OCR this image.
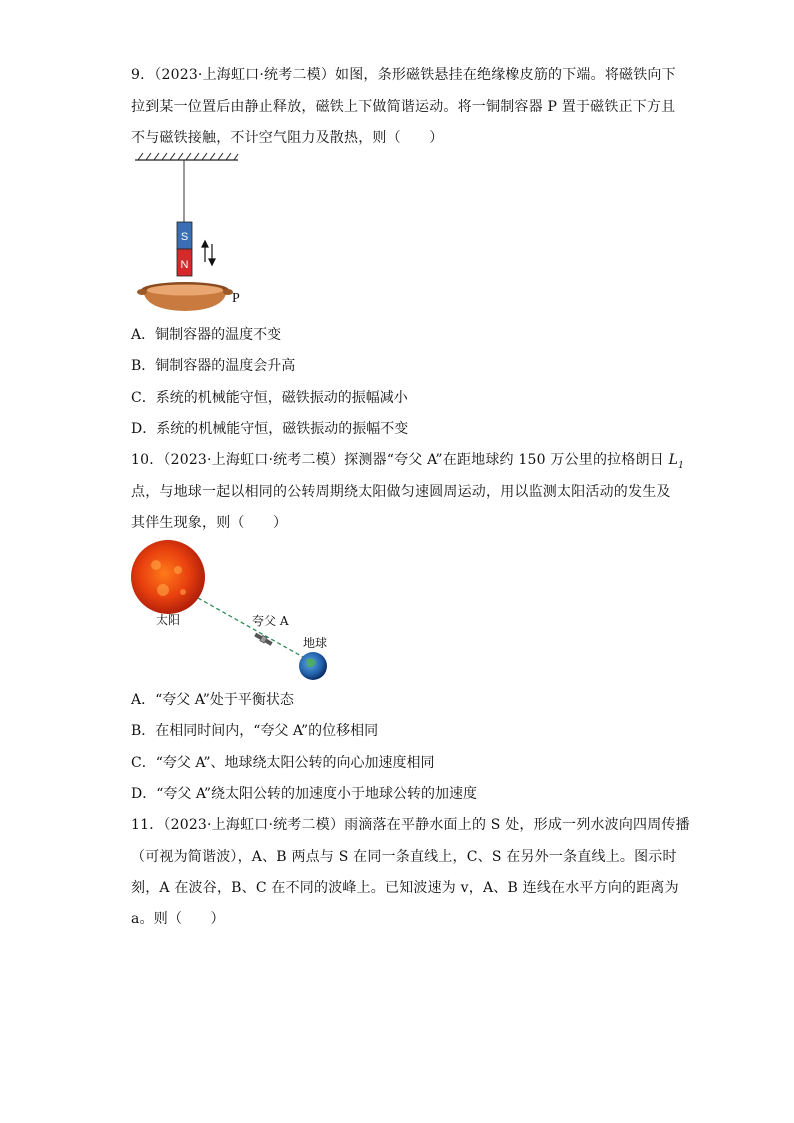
9．（2023·上海虹口·统考二模）如图，条形磁铁悬挂在绝缘橡皮筋的下端。将磁铁向下
拉到某一位置后由静止释放，磁铁上下做简谐运动。将一铜制容器 P 置于磁铁正下方且
不与磁铁接触，不计空气阻力及散热，则（　　）
S
N
P
A．铜制容器的温度不变
B．铜制容器的温度会升高
C．系统的机械能守恒，磁铁振动的振幅减小
D．系统的机械能守恒，磁铁振动的振幅不变
10．（2023·上海虹口·统考二模）探测器“夸父 A”在距地球约 150 万公里的拉格朗日 $L_1$
点，与地球一起以相同的公转周期绕太阳做匀速圆周运动，用以监测太阳活动的发生及
其伴生现象，则（　　）
太阳	夸父 A
地球
A．“夸父 A”处于平衡状态
B．在相同时间内，“夸父 A”的位移相同
C．“夸父 A”、地球绕太阳公转的向心加速度相同
D．“夸父 A”绕太阳公转的加速度小于地球公转的加速度
11．（2023·上海虹口·统考二模）雨滴落在平静水面上的 S 处，形成一列水波向四周传播
（可视为简谐波），A、B 两点与 S 在同一条直线上，C、S 在另外一条直线上。图示时
刻，A 在波谷，B、C 在不同的波峰上。已知波速为 v，A、B 连线在水平方向的距离为
a。则（　　）
